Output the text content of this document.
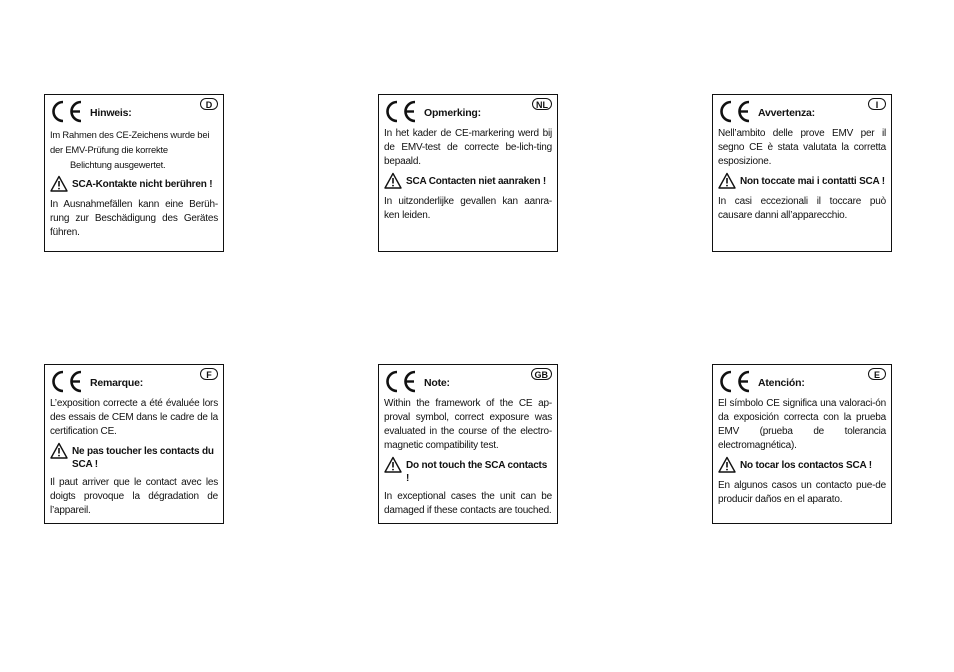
Hinweis:
D

Im Rahmen des CE-Zeichens wurde bei der EMV-Prüfung die korrekte

Belichtung ausgewertet.

SCA-Kontakte nicht berühren !

In Ausnahmefällen kann eine Berüh-rung zur Beschädigung des Gerätes führen.

Opmerking:
NL

In het kader de CE-markering werd bij de EMV-test de correcte be-lich-ting bepaald.

SCA Contacten niet aanraken !

In uitzonderlijke gevallen kan aanra-ken leiden.

Avvertenza:
I

Nell’ambito delle prove EMV per il segno CE è stata valutata la corretta esposizione.

Non toccate mai i contatti SCA !

In casi eccezionali il toccare può causare danni all’apparecchio.

Remarque:
F

L’exposition correcte a été évaluée lors des essais de CEM dans le cadre de la certification CE.

Ne pas toucher les contacts du SCA !

Il paut arriver que le contact avec les doigts provoque la dégradation de l’appareil.

Note:
GB

Within the framework of the CE ap-proval symbol, correct exposure was evaluated in the course of the electro-magnetic compatibility test.

Do not touch the SCA contacts !

In exceptional cases the unit can be damaged if these contacts are touched.

Atención:
E

El símbolo CE significa una valoraci-ón da exposición correcta con la prueba EMV (prueba de tolerancia electromagnética).

No tocar los contactos SCA !

En algunos casos un contacto pue-de producir daños en el aparato.
